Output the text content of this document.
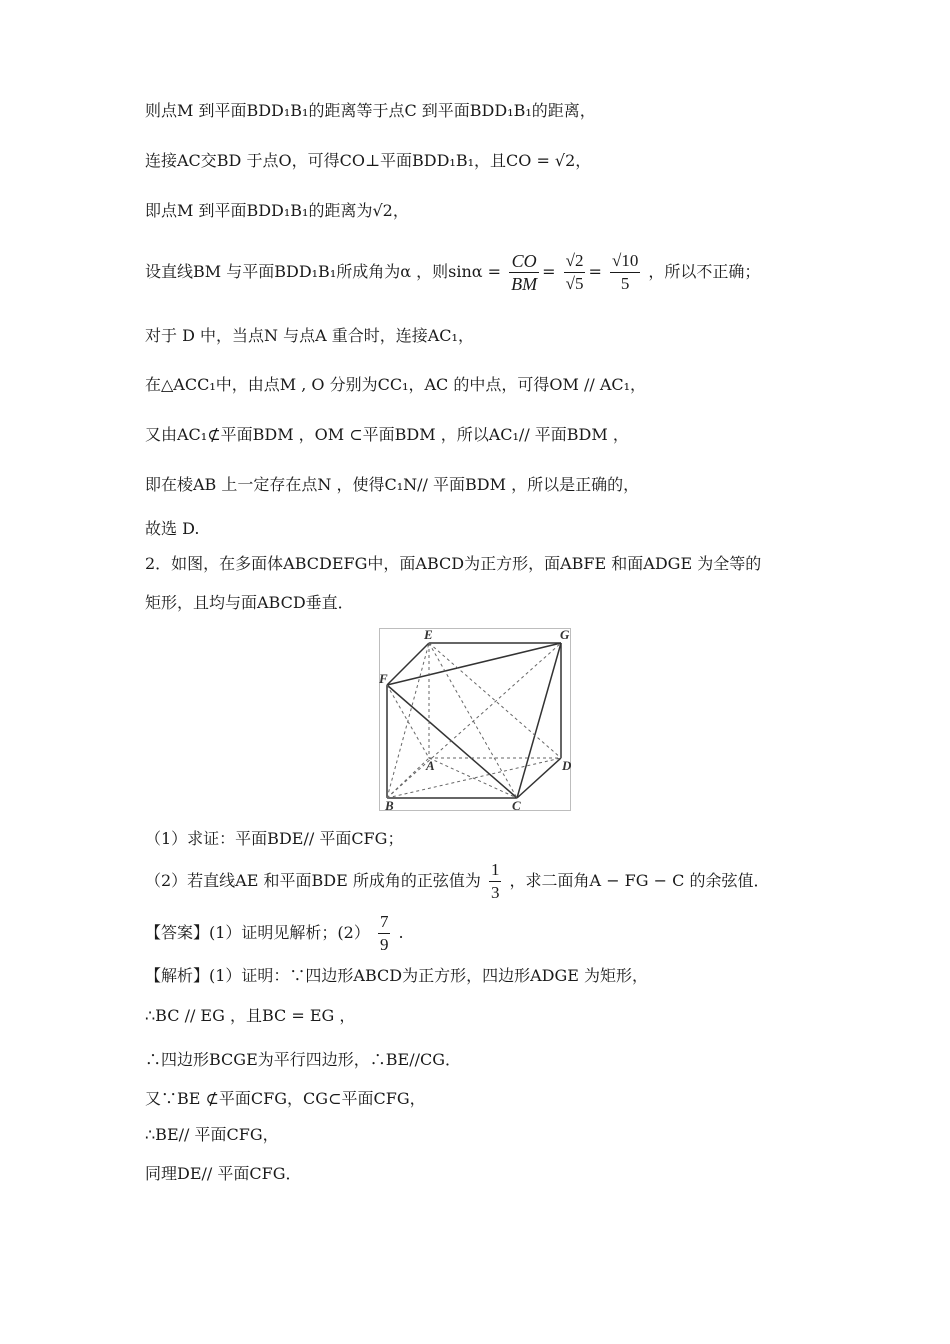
则点M 到平面BDD₁B₁的距离等于点C 到平面BDD₁B₁的距离，
连接AC交BD 于点O，可得CO⊥平面BDD₁B₁，且CO = √2，
即点M 到平面BDD₁B₁的距离为√2，
设直线BM 与平面BDD₁B₁所成角为α ，则$\sin\alpha = \frac{CO}{BM} = \frac{√2}{√5} = \frac{√10}{5}$ ，所以不正确；
对于 D 中，当点N 与点A 重合时，连接AC₁，
在△ACC₁中，由点M , O 分别为CC₁，AC 的中点，可得OM // AC₁，
又由AC₁⊄平面BDM ，OM ⊂平面BDM ，所以AC₁// 平面BDM ，
即在棱AB 上一定存在点N ，使得C₁N// 平面BDM ，所以是正确的，
故选 D.
2．如图，在多面体ABCDEFG中，面ABCD为正方形，面ABFE 和面ADGE 为全等的
矩形，且均与面ABCD垂直．
E	G
F
A	D
B	C
（1）求证：平面BDE// 平面CFG；
（2）若直线AE 和平面BDE 所成角的正弦值为 $\frac{1}{3}$ ，求二面角A − FG − C 的余弦值．
【答案】(1）证明见解析；$(2) \frac{7}{9}$ .
【解析】(1）证明：∵四边形ABCD为正方形，四边形ADGE 为矩形，
∴BC // EG ，且BC = EG ，
∴四边形BCGE为平行四边形，∴BE//CG．
又∵BE ⊄平面CFG，CG⊂平面CFG，
∴BE// 平面CFG，
同理DE// 平面CFG．
